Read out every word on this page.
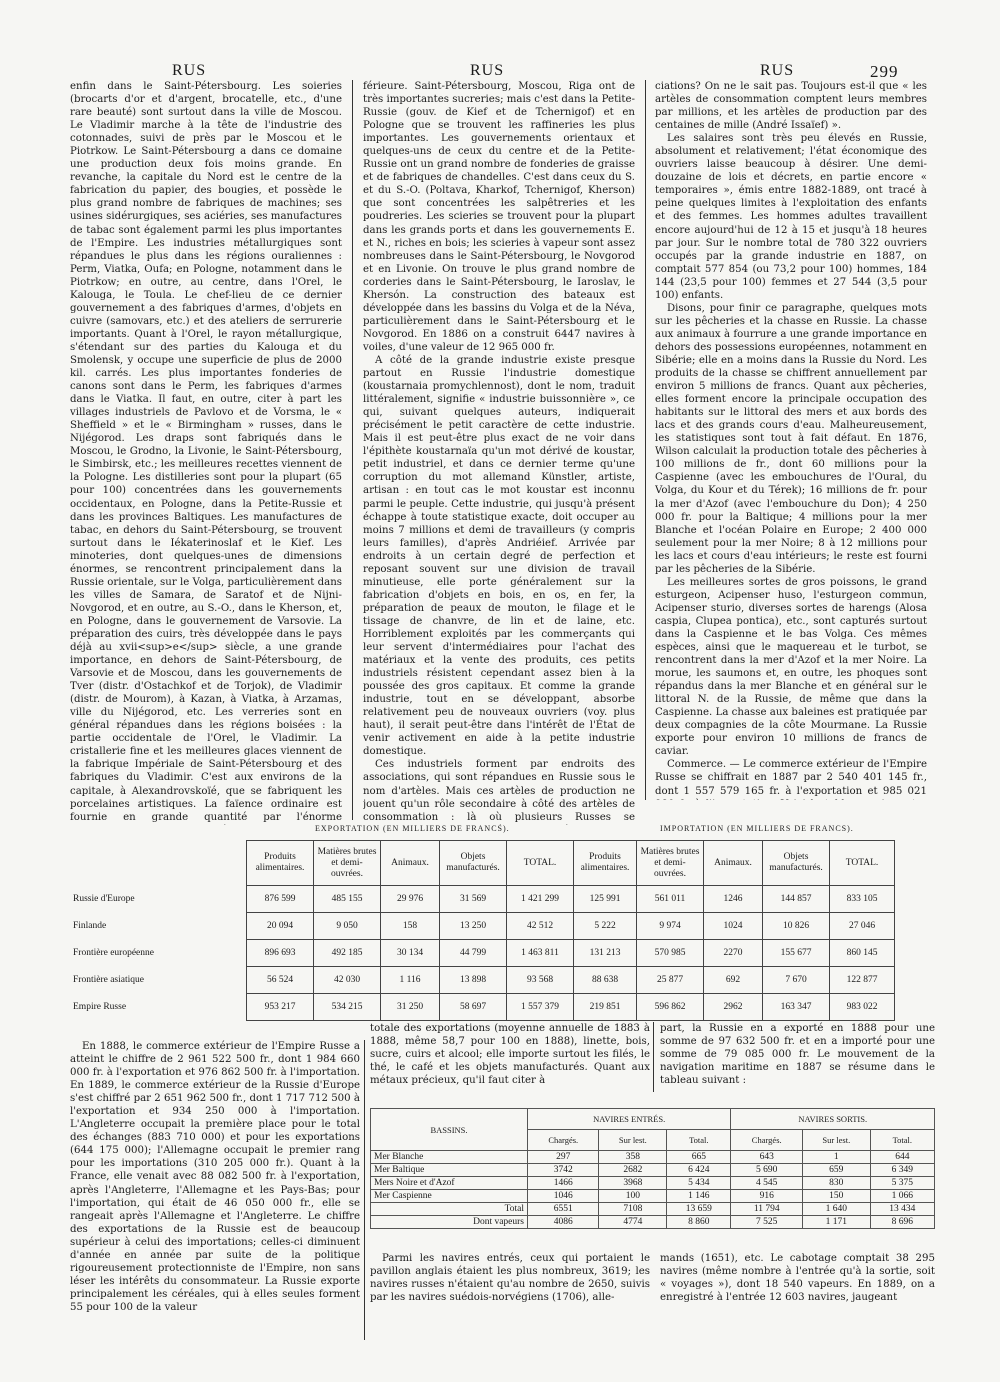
RUS	RUS	RUS	299

enfin dans le Saint-Pétersbourg. Les soieries (brocarts d'or et d'argent, brocatelle, etc., d'une rare beauté) sont surtout dans la ville de Moscou. Le Vladimir marche à la tête de l'industrie des cotonnades, suivi de près par le Moscou et le Piotrkow. Le Saint-Pétersbourg a dans ce domaine une production deux fois moins grande. En revanche, la capitale du Nord est le centre de la fabrication du papier, des bougies, et possède le plus grand nombre de fabriques de machines; ses usines sidérurgiques, ses aciéries, ses manufactures de tabac sont également parmi les plus importantes de l'Empire. Les industries métallurgiques sont répandues le plus dans les régions ouraliennes : Perm, Viatka, Oufa; en Pologne, notamment dans le Piotrkow; en outre, au centre, dans l'Orel, le Kalouga, le Toula. Le chef-lieu de ce dernier gouvernement a des fabriques d'armes, d'objets en cuivre (samovars, etc.) et des ateliers de serrurerie importants. Quant à l'Orel, le rayon métallurgique, s'étendant sur des parties du Kalouga et du Smolensk, y occupe une superficie de plus de 2000 kil. carrés. Les plus importantes fonderies de canons sont dans le Perm, les fabriques d'armes dans le Viatka. Il faut, en outre, citer à part les villages industriels de Pavlovo et de Vorsma, le « Sheffield » et le « Birmingham » russes, dans le Nijégorod. Les draps sont fabriqués dans le Moscou, le Grodno, la Livonie, le Saint-Pétersbourg, le Simbirsk, etc.; les meilleures recettes viennent de la Pologne. Les distilleries sont pour la plupart (65 pour 100) concentrées dans les gouvernements occidentaux, en Pologne, dans la Petite-Russie et dans les provinces Baltiques. Les manufactures de tabac, en dehors du Saint-Pétersbourg, se trouvent surtout dans le Iékaterinoslaf et le Kief. Les minoteries, dont quelques-unes de dimensions énormes, se rencontrent principalement dans la Russie orientale, sur le Volga, particulièrement dans les villes de Samara, de Saratof et de Nijni-Novgorod, et en outre, au S.-O., dans le Kherson, et, en Pologne, dans le gouvernement de Varsovie. La préparation des cuirs, très développée dans le pays déjà au xvii<sup>e</sup> siècle, a une grande importance, en dehors de Saint-Pétersbourg, de Varsovie et de Moscou, dans les gouvernements de Tver (distr. d'Ostachkof et de Torjok), de Vladimir (distr. de Mourom), à Kazan, à Viatka, à Arzamas, ville du Nijégorod, etc. Les verreries sont en général répandues dans les régions boisées : la partie occidentale de l'Orel, le Vladimir. La cristallerie fine et les meilleures glaces viennent de la fabrique Impériale de Saint-Pétersbourg et des fabriques du Vladimir. C'est aux environs de la capitale, à Alexandrovskoïé, que se fabriquent les porcelaines artistiques. La faïence ordinaire est fournie en grande quantité par l'énorme

férieure. Saint-Pétersbourg, Moscou, Riga ont de très importantes sucreries; mais c'est dans la Petite-Russie (gouv. de Kief et de Tchernigof) et en Pologne que se trouvent les raffineries les plus importantes. Les gouvernements orientaux et quelques-uns de ceux du centre et de la Petite-Russie ont un grand nombre de fonderies de graisse et de fabriques de chandelles. C'est dans ceux du S. et du S.-O. (Poltava, Kharkof, Tchernigof, Kherson) que sont concentrées les salpêtreries et les poudreries. Les scieries se trouvent pour la plupart dans les grands ports et dans les gouvernements E. et N., riches en bois; les scieries à vapeur sont assez nombreuses dans le Saint-Pétersbourg, le Novgorod et en Livonie. On trouve le plus grand nombre de corderies dans le Saint-Pétersbourg, le Iaroslav, le Khersón. La construction des bateaux est développée dans les bassins du Volga et de la Néva, particulièrement dans le Saint-Pétersbourg et le Novgorod. En 1886 on a construit 6447 navires à voiles, d'une valeur de 12 965 000 fr.

A côté de la grande industrie existe presque partout en Russie l'industrie domestique (koustarnaia promychlennost), dont le nom, traduit littéralement, signifie « industrie buissonnière », ce qui, suivant quelques auteurs, indiquerait précisément le petit caractère de cette industrie. Mais il est peut-être plus exact de ne voir dans l'épithète koustarnaïa qu'un mot dérivé de koustar, petit industriel, et dans ce dernier terme qu'une corruption du mot allemand Künstler, artiste, artisan : en tout cas le mot koustar est inconnu parmi le peuple. Cette industrie, qui jusqu'à présent échappe à toute statistique exacte, doit occuper au moins 7 millions et demi de travailleurs (y compris leurs familles), d'après Andriéief. Arrivée par endroits à un certain degré de perfection et reposant souvent sur une division de travail minutieuse, elle porte généralement sur la fabrication d'objets en bois, en os, en fer, la préparation de peaux de mouton, le filage et le tissage de chanvre, de lin et de laine, etc. Horriblement exploités par les commerçants qui leur servent d'intermédiaires pour l'achat des matériaux et la vente des produits, ces petits industriels résistent cependant assez bien à la poussée des gros capitaux. Et comme la grande industrie, tout en se développant, absorbe relativement peu de nouveaux ouvriers (voy. plus haut), il serait peut-être dans l'intérêt de l'État de venir activement en aide à la petite industrie domestique.

Ces industriels forment par endroits des associations, qui sont répandues en Russie sous le nom d'artèles. Mais ces artèles de production ne jouent qu'un rôle secondaire à côté des artèles de consommation : là où plusieurs Russes se

ciations? On ne le sait pas. Toujours est-il que « les artèles de consommation comptent leurs membres par millions, et les artèles de production par des centaines de mille (André Issaïef) ».

Les salaires sont très peu élevés en Russie, absolument et relativement; l'état économique des ouvriers laisse beaucoup à désirer. Une demi-douzaine de lois et décrets, en partie encore « temporaires », émis entre 1882-1889, ont tracé à peine quelques limites à l'exploitation des enfants et des femmes. Les hommes adultes travaillent encore aujourd'hui de 12 à 15 et jusqu'à 18 heures par jour. Sur le nombre total de 780 322 ouvriers occupés par la grande industrie en 1887, on comptait 577 854 (ou 73,2 pour 100) hommes, 184 144 (23,5 pour 100) femmes et 27 544 (3,5 pour 100) enfants.

Disons, pour finir ce paragraphe, quelques mots sur les pêcheries et la chasse en Russie. La chasse aux animaux à fourrure a une grande importance en dehors des possessions européennes, notamment en Sibérie; elle en a moins dans la Russie du Nord. Les produits de la chasse se chiffrent annuellement par environ 5 millions de francs. Quant aux pêcheries, elles forment encore la principale occupation des habitants sur le littoral des mers et aux bords des lacs et des grands cours d'eau. Malheureusement, les statistiques sont tout à fait défaut. En 1876, Wilson calculait la production totale des pêcheries à 100 millions de fr., dont 60 millions pour la Caspienne (avec les embouchures de l'Oural, du Volga, du Kour et du Térek); 16 millions de fr. pour la mer d'Azof (avec l'embouchure du Don); 4 250 000 fr. pour la Baltique; 4 millions pour la mer Blanche et l'océan Polaire en Europe; 2 400 000 seulement pour la mer Noire; 8 à 12 millions pour les lacs et cours d'eau intérieurs; le reste est fourni par les pêcheries de la Sibérie.

Les meilleures sortes de gros poissons, le grand esturgeon, Acipenser huso, l'esturgeon commun, Acipenser sturio, diverses sortes de harengs (Alosa caspia, Clupea pontica), etc., sont capturés surtout dans la Caspienne et le bas Volga. Ces mêmes espèces, ainsi que le maquereau et le turbot, se rencontrent dans la mer d'Azof et la mer Noire. La morue, les saumons et, en outre, les phoques sont répandus dans la mer Blanche et en général sur le littoral N. de la Russie, de même que dans la Caspienne. La chasse aux baleines est pratiquée par deux compagnies de la côte Mourmane. La Russie exporte pour environ 10 millions de francs de caviar.

Commerce. — Le commerce extérieur de l'Empire Russe se chiffrait en 1887 par 2 540 401 145 fr., dont 1 557 579 165 fr. à l'exportation et 985 021

EXPORTATION (EN MILLIERS DE FRANCS).	IMPORTATION (EN MILLIERS DE FRANCS).
	Produits alimentaires.	Matières brutes et demi-ouvrées.	Animaux.	Objets manufacturés.	TOTAL.	Produits alimentaires.	Matières brutes et demi-ouvrées.	Animaux.	Objets manufacturés.	TOTAL.
Russie d'Europe	876 599	485 155	29 976	31 569	1 421 299	125 991	561 011	1246	144 857	833 105
Finlande	20 094	9 050	158	13 250	42 512	5 222	9 974	1024	10 826	27 046
Frontière européenne	896 693	492 185	30 134	44 799	1 463 811	131 213	570 985	2270	155 677	860 145
Frontière asiatique	56 524	42 030	1 116	13 898	93 568	88 638	25 877	692	7 670	122 877
Empire Russe	953 217	534 215	31 250	58 697	1 557 379	219 851	596 862	2962	163 347	983 022

En 1888, le commerce extérieur de l'Empire Russe a atteint le chiffre de 2 961 522 500 fr., dont 1 984 660 000 fr. à l'exportation et 976 862 500 fr. à l'importation. En 1889, le commerce extérieur de la Russie d'Europe s'est chiffré par 2 651 962 500 fr., dont 1 717 712 500 à l'exportation et 934 250 000 à l'importation. L'Angleterre occupait la première place pour le total des échanges (883 710 000) et pour les exportations (644 175 000); l'Allemagne occupait le premier rang pour les importations (310 205 000 fr.). Quant à la France, elle venait avec 88 082 500 fr. à l'exportation, après l'Angleterre, l'Allemagne et les Pays-Bas; pour l'importation, qui était de 46 050 000 fr., elle se rangeait après l'Allemagne et l'Angleterre. Le chiffre des exportations de la Russie est de beaucoup supérieur à celui des importations; celles-ci diminuent d'année en année par suite de la politique rigoureusement protectionniste de l'Empire, non sans léser les intérêts du consommateur. La Russie exporte principalement les céréales, qui à elles seules forment 55 pour 100 de la valeur

totale des exportations (moyenne annuelle de 1883 à 1888, même 58,7 pour 100 en 1888), linette, bois, sucre, cuirs et alcool; elle importe surtout les filés, le thé, le café et les objets manufacturés. Quant aux métaux précieux, qu'il faut citer à

part, la Russie en a exporté en 1888 pour une somme de 97 632 500 fr. et en a importé pour une somme de 79 085 000 fr. Le mouvement de la navigation maritime en 1887 se résume dans le tableau suivant :

BASSINS.	NAVIRES ENTRÉS.			NAVIRES SORTIS.		
	Chargés.	Sur lest.	Total.	Chargés.	Sur lest.	Total.
Mer Blanche	297	358	665	643	1	644
Mer Baltique	3742	2682	6 424	5 690	659	6 349
Mers Noire et d'Azof	1466	3968	5 434	4 545	830	5 375
Mer Caspienne	1046	100	1 146	916	150	1 066
Total	6551	7108	13 659	11 794	1 640	13 434
Dont vapeurs	4086	4774	8 860	7 525	1 171	8 696

Parmi les navires entrés, ceux qui portaient le pavillon anglais étaient les plus nombreux, 3619; les navires russes n'étaient qu'au nombre de 2650, suivis par les navires suédois-norvégiens (1706), alle-

mands (1651), etc. Le cabotage comptait 38 295 navires (même nombre à l'entrée qu'à la sortie, soit « voyages »), dont 18 540 vapeurs. En 1889, on a enregistré à l'entrée 12 603 navires, jaugeant
